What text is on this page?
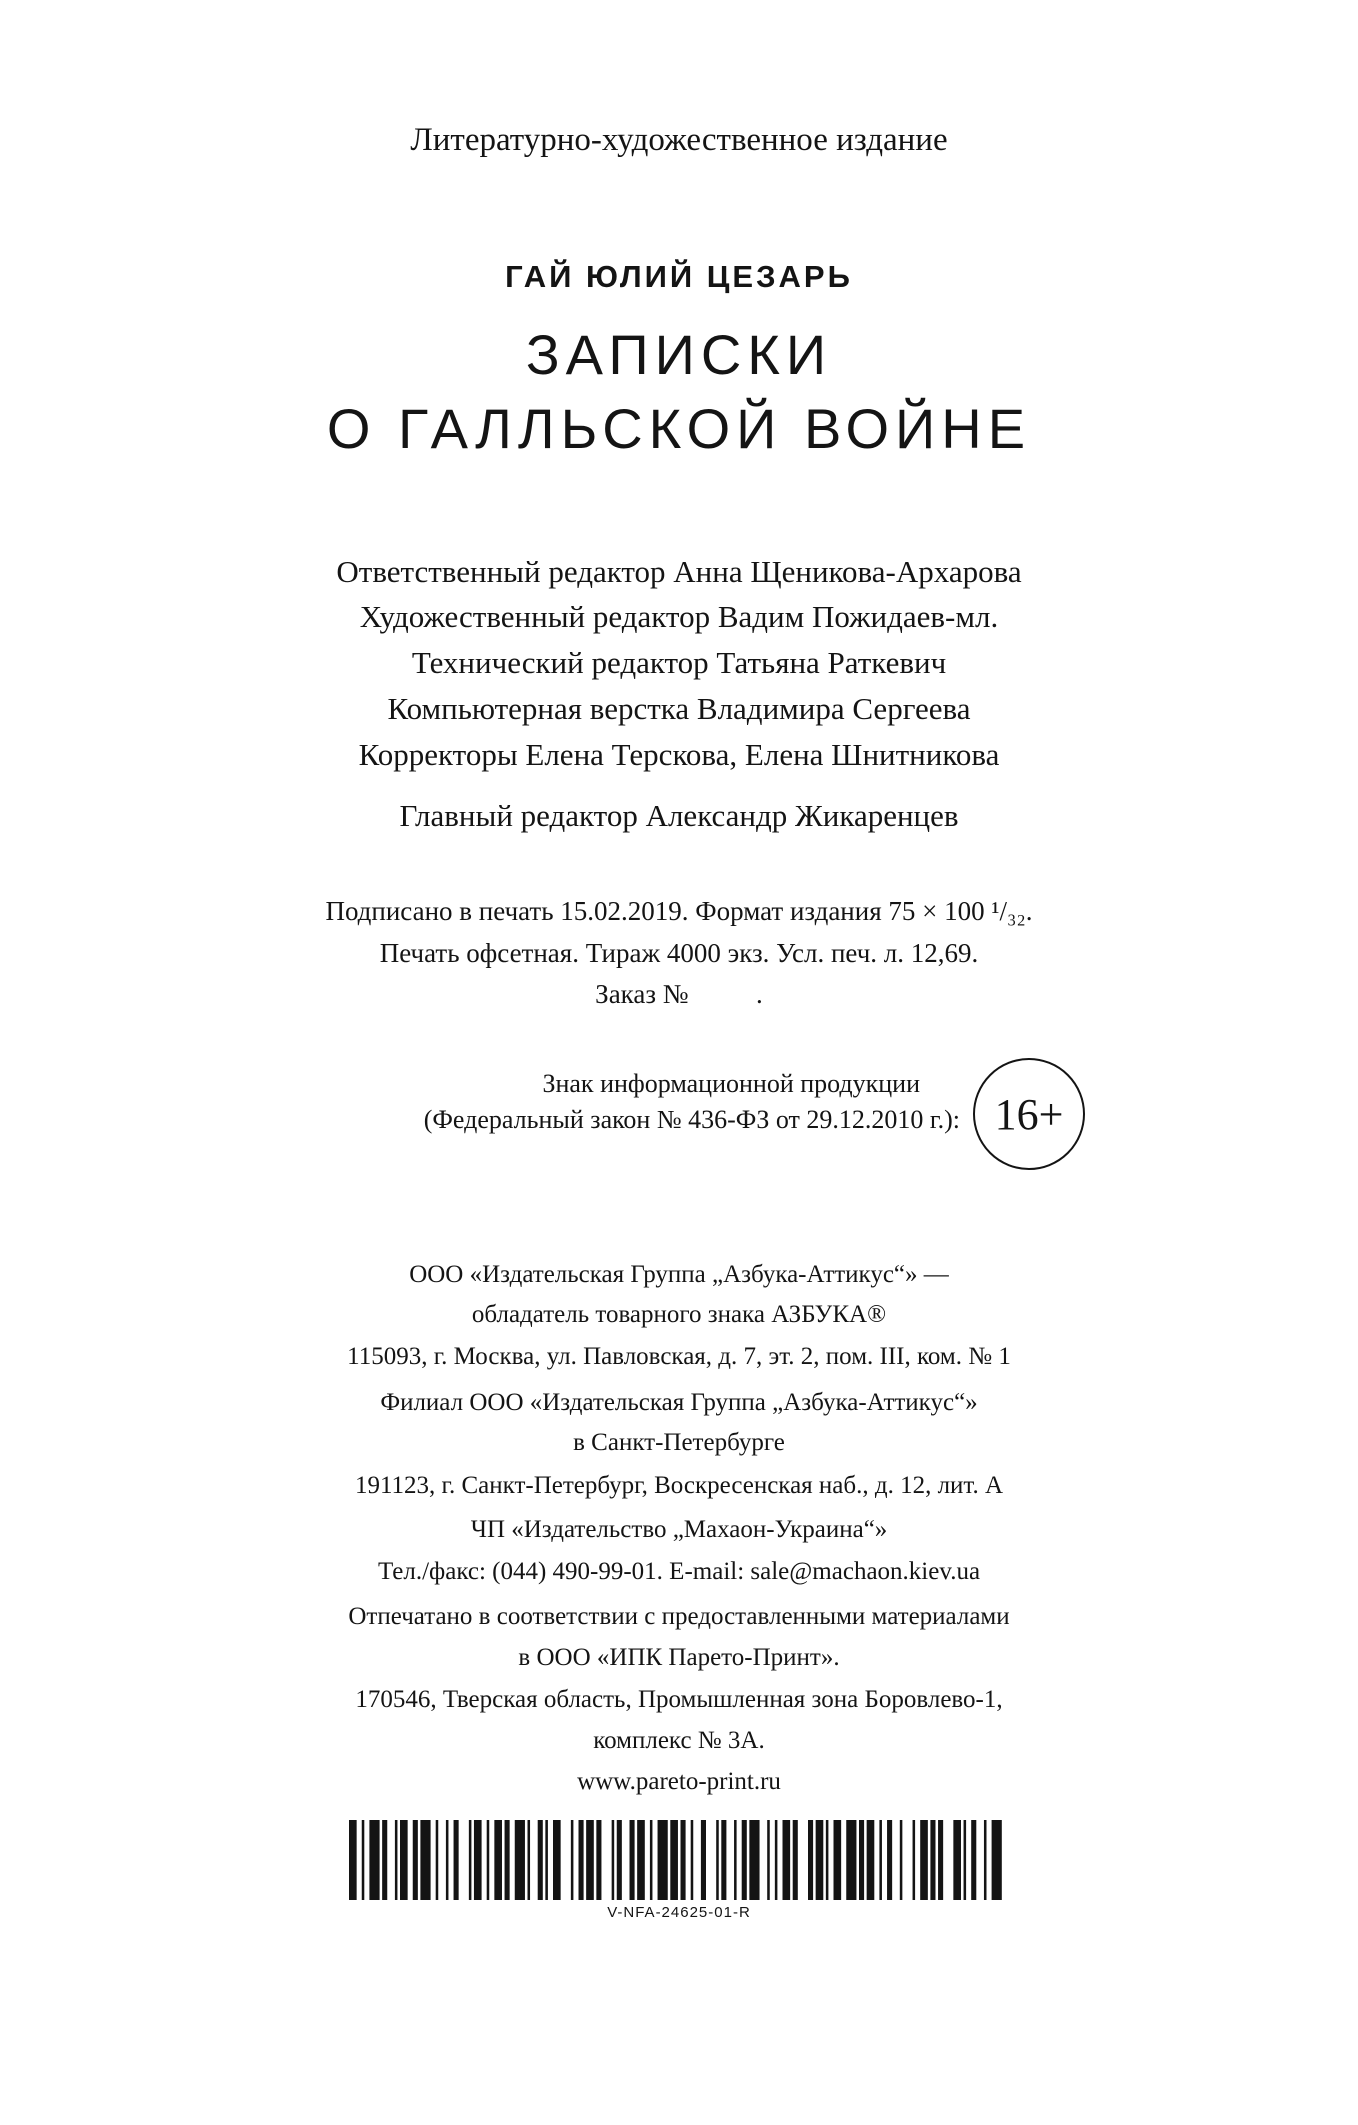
Литературно-художественное издание
ГАЙ ЮЛИЙ ЦЕЗАРЬ
ЗАПИСКИ
О ГАЛЛЬСКОЙ ВОЙНЕ
Ответственный редактор Анна Щеникова-Архарова
Художественный редактор Вадим Пожидаев-мл.
Технический редактор Татьяна Раткевич
Компьютерная верстка Владимира Сергеева
Корректоры Елена Терскова, Елена Шнитникова
Главный редактор Александр Жикаренцев
Подписано в печать 15.02.2019. Формат издания 75 × 100 ¹/₃₂.
Печать офсетная. Тираж 4000 экз. Усл. печ. л. 12,69.
Заказ №          .
Знак информационной продукции
(Федеральный закон № 436-ФЗ от 29.12.2010 г.): 16+
ООО «Издательская Группа „Азбука-Аттикус“» —
обладатель товарного знака АЗБУКА®
115093, г. Москва, ул. Павловская, д. 7, эт. 2, пом. III, ком. № 1
Филиал ООО «Издательская Группа „Азбука-Аттикус“»
в Санкт-Петербурге
191123, г. Санкт-Петербург, Воскресенская наб., д. 12, лит. А
ЧП «Издательство „Махаон-Украина“»
Тел./факс: (044) 490-99-01. E-mail: sale@machaon.kiev.ua
Отпечатано в соответствии с предоставленными материалами
в ООО «ИПК Парето-Принт».
170546, Тверская область, Промышленная зона Боровлево-1,
комплекс № 3А.
www.pareto-print.ru
V-NFA-24625-01-R
